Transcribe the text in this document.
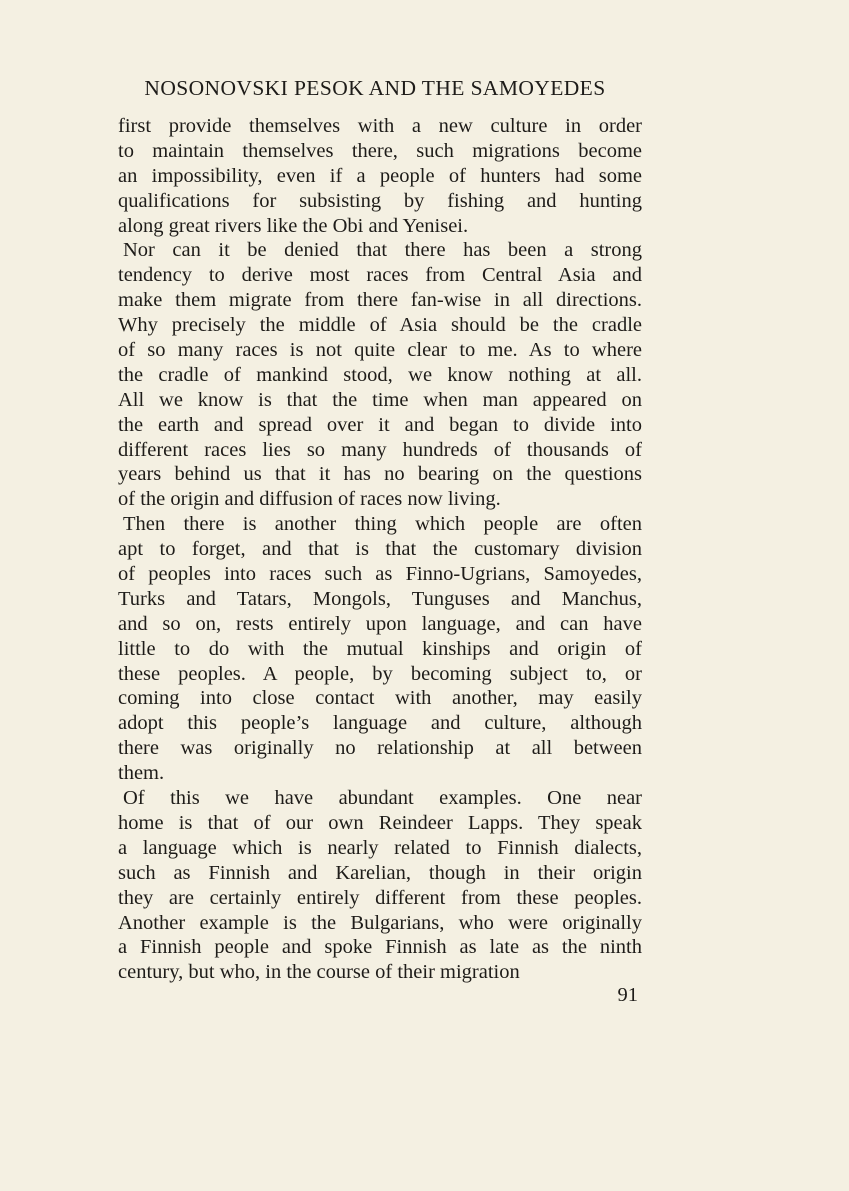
NOSONOVSKI PESOK AND THE SAMOYEDES
first provide themselves with a new culture in order
to maintain themselves there, such migrations become
an impossibility, even if a people of hunters had some
qualifications for subsisting by fishing and hunting
along great rivers like the Obi and Yenisei.
Nor can it be denied that there has been a strong
tendency to derive most races from Central Asia and
make them migrate from there fan-wise in all directions.
Why precisely the middle of Asia should be the cradle
of so many races is not quite clear to me. As to where
the cradle of mankind stood, we know nothing at all.
All we know is that the time when man appeared on
the earth and spread over it and began to divide into
different races lies so many hundreds of thousands of
years behind us that it has no bearing on the questions
of the origin and diffusion of races now living.
Then there is another thing which people are often
apt to forget, and that is that the customary division
of peoples into races such as Finno-Ugrians, Samoyedes,
Turks and Tatars, Mongols, Tunguses and Manchus,
and so on, rests entirely upon language, and can have
little to do with the mutual kinships and origin of
these peoples. A people, by becoming subject to, or
coming into close contact with another, may easily
adopt this people’s language and culture, although
there was originally no relationship at all between
them.
Of this we have abundant examples. One near
home is that of our own Reindeer Lapps. They speak
a language which is nearly related to Finnish dialects,
such as Finnish and Karelian, though in their origin
they are certainly entirely different from these peoples.
Another example is the Bulgarians, who were originally
a Finnish people and spoke Finnish as late as the ninth
century, but who, in the course of their migration
91
